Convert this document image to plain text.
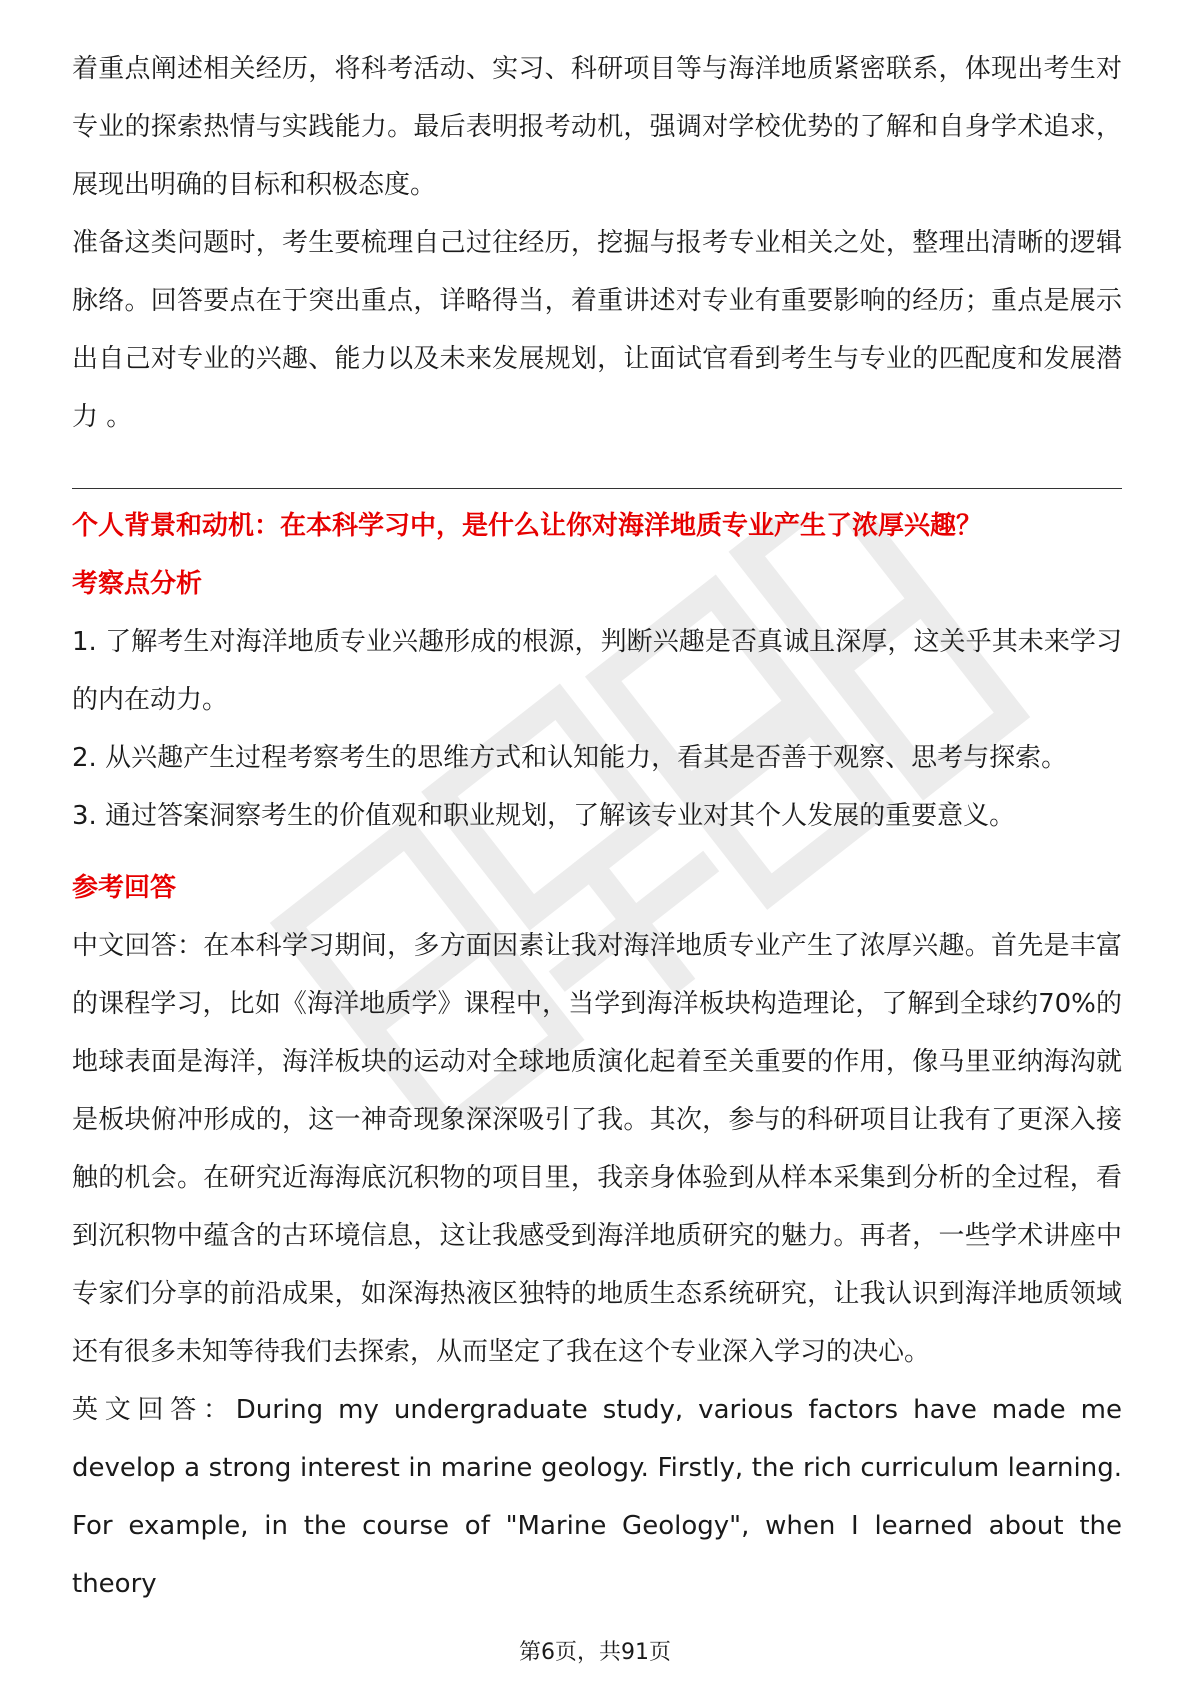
着重点阐述相关经历，将科考活动、实习、科研项目等与海洋地质紧密联系，体现出考生对专业的探索热情与实践能力。最后表明报考动机，强调对学校优势的了解和自身学术追求，展现出明确的目标和积极态度。

准备这类问题时，考生要梳理自己过往经历，挖掘与报考专业相关之处，整理出清晰的逻辑脉络。回答要点在于突出重点，详略得当，着重讲述对专业有重要影响的经历；重点是展示出自己对专业的兴趣、能力以及未来发展规划，让面试官看到考生与专业的匹配度和发展潜力 。

个人背景和动机：在本科学习中，是什么让你对海洋地质专业产生了浓厚兴趣？

考察点分析

1. 了解考生对海洋地质专业兴趣形成的根源，判断兴趣是否真诚且深厚，这关乎其未来学习的内在动力。

2. 从兴趣产生过程考察考生的思维方式和认知能力，看其是否善于观察、思考与探索。

3. 通过答案洞察考生的价值观和职业规划，了解该专业对其个人发展的重要意义。

参考回答

中文回答：在本科学习期间，多方面因素让我对海洋地质专业产生了浓厚兴趣。首先是丰富的课程学习，比如《海洋地质学》课程中，当学到海洋板块构造理论，了解到全球约70%的地球表面是海洋，海洋板块的运动对全球地质演化起着至关重要的作用，像马里亚纳海沟就是板块俯冲形成的，这一神奇现象深深吸引了我。其次，参与的科研项目让我有了更深入接触的机会。在研究近海海底沉积物的项目里，我亲身体验到从样本采集到分析的全过程，看到沉积物中蕴含的古环境信息，这让我感受到海洋地质研究的魅力。再者，一些学术讲座中专家们分享的前沿成果，如深海热液区独特的地质生态系统研究，让我认识到海洋地质领域还有很多未知等待我们去探索，从而坚定了我在这个专业深入学习的决心。

英文回答：During my undergraduate study, various factors have made me develop a strong interest in marine geology. Firstly, the rich curriculum learning. For example, in the course of "Marine Geology", when I learned about the theory

第6页，共91页
